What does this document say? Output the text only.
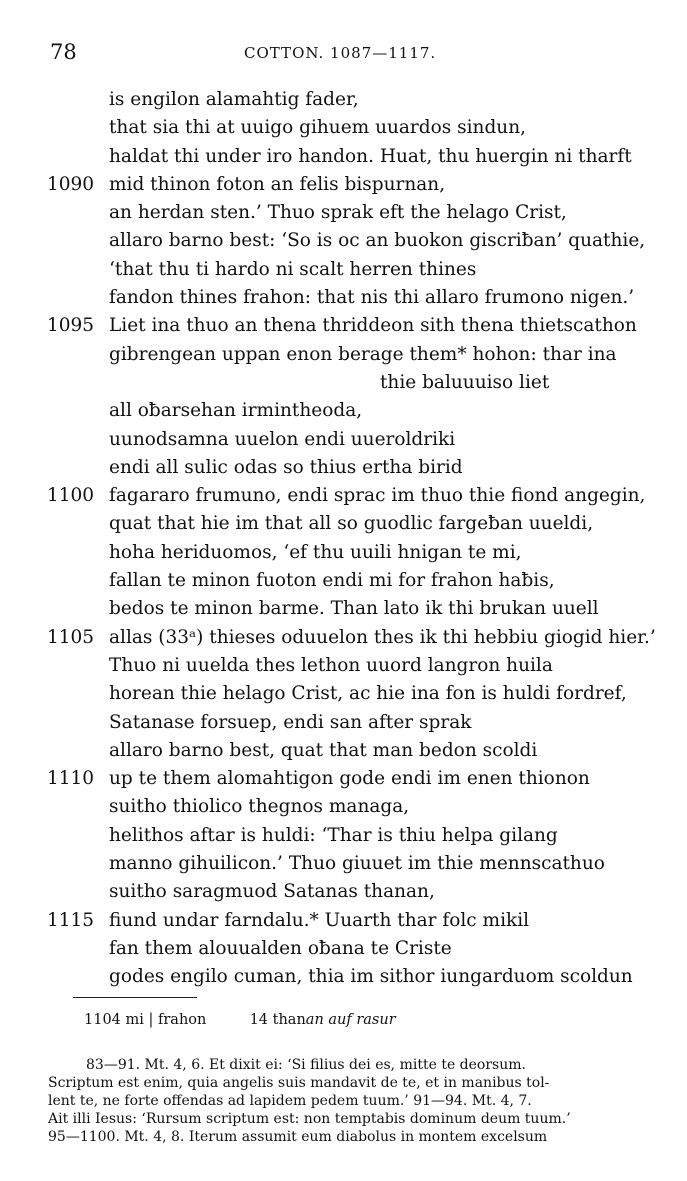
78	COTTON. 1087—1117.
is engilon alamahtig fader,
that sia thi at uuigo gihuem uuardos sindun,
haldat thi under iro handon. Huat, thu huergin ni tharft
1090 mid thinon foton an felis bispurnan,
an herdan sten.’ Thuo sprak eft the helago Crist,
allaro barno best: ‘So is oc an buokon giscriƀan’ quathie,
‘that thu ti hardo ni scalt herren thines
fandon thines frahon: that nis thi allaro frumono nigen.’
1095 Liet ina thuo an thena thriddeon sith thena thietscathon
gibrengean uppan enon berage them* hohon: thar ina
thie baluuuiso liet
all oƀarsehan irmintheoda,
uunodsamna uuelon endi uueroldriki
endi all sulic odas so thius ertha birid
1100 fagararo frumuno, endi sprac im thuo thie fiond angegin,
quat that hie im that all so guodlic fargeƀan uueldi,
hoha heriduomos, ‘ef thu uuili hnigan te mi,
fallan te minon fuoton endi mi for frahon haƀis,
bedos te minon barme. Than lato ik thi brukan uuell
1105 allas (33ᵃ) thieses oduuelon thes ik thi hebbiu giogid hier.’
Thuo ni uuelda thes lethon uuord langron huila
horean thie helago Crist, ac hie ina fon is huldi fordref,
Satanase forsuep, endi san after sprak
allaro barno best, quat that man bedon scoldi
1110 up te them alomahtigon gode endi im enen thionon
suitho thiolico thegnos managa,
helithos aftar is huldi: ‘Thar is thiu helpa gilang
manno gihuilicon.’ Thuo giuuet im thie mennscathuo
suitho saragmuod Satanas thanan,
1115 fiund undar farndalu.* Uuarth thar folc mikil
fan them alouualden oƀana te Criste
godes engilo cuman, thia im sithor iungarduom scoldun
1104 mi | frahon	14 thanan auf rasur

83—91. Mt. 4, 6. Et dixit ei: ‘Si filius dei es, mitte te deorsum.

Scriptum est enim, quia angelis suis mandavit de te, et in manibus tol-

lent te, ne forte offendas ad lapidem pedem tuum.’ 91—94. Mt. 4, 7.

Ait illi Iesus: ‘Rursum scriptum est: non temptabis dominum deum tuum.’

95—1100. Mt. 4, 8. Iterum assumit eum diabolus in montem excelsum
